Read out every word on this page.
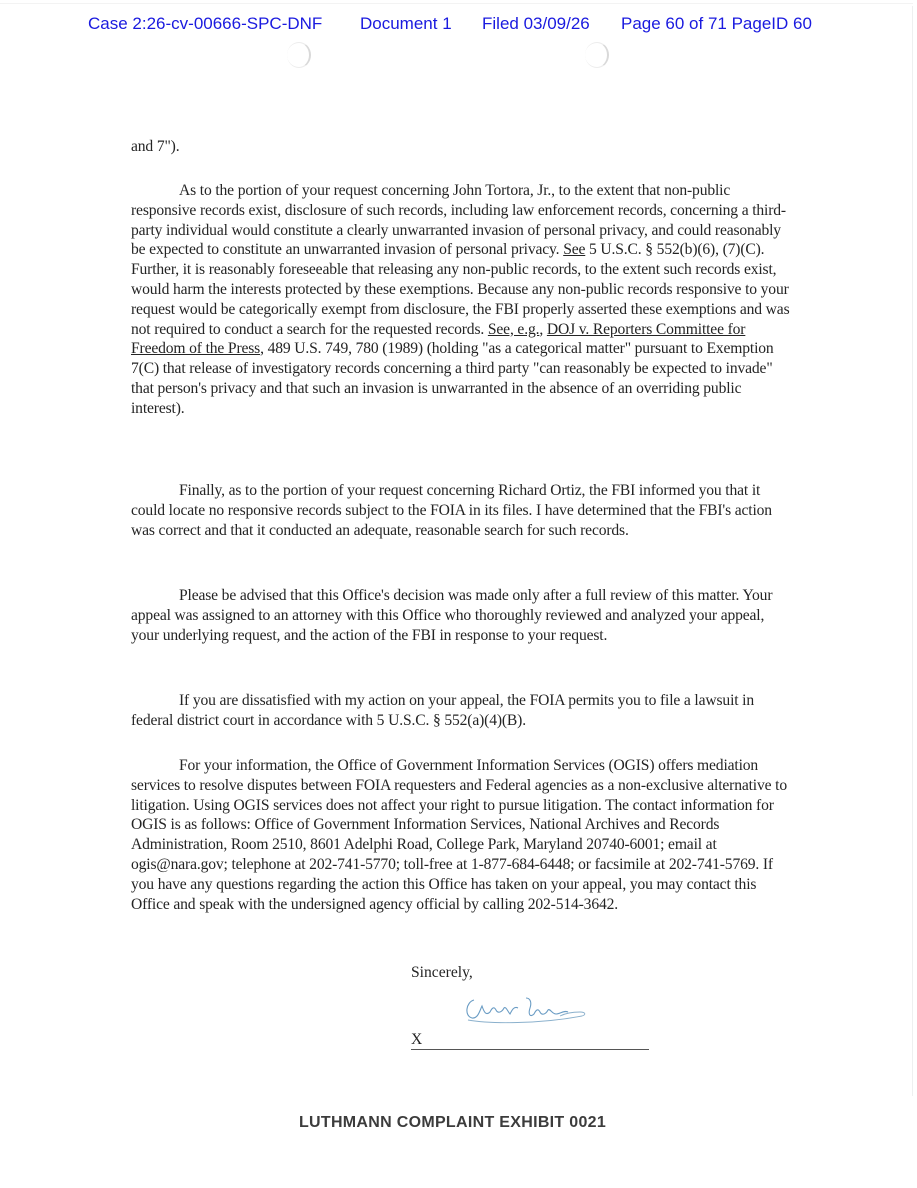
Case 2:26-cv-00666-SPC-DNF Document 1 Filed 03/09/26 Page 60 of 71 PageID 60
and 7").

As to the portion of your request concerning John Tortora, Jr., to the extent that non-public responsive records exist, disclosure of such records, including law enforcement records, concerning a third-party individual would constitute a clearly unwarranted invasion of personal privacy, and could reasonably be expected to constitute an unwarranted invasion of personal privacy. See 5 U.S.C. § 552(b)(6), (7)(C). Further, it is reasonably foreseeable that releasing any non-public records, to the extent such records exist, would harm the interests protected by these exemptions. Because any non-public records responsive to your request would be categorically exempt from disclosure, the FBI properly asserted these exemptions and was not required to conduct a search for the requested records. See, e.g., DOJ v. Reporters Committee for Freedom of the Press, 489 U.S. 749, 780 (1989) (holding "as a categorical matter" pursuant to Exemption 7(C) that release of investigatory records concerning a third party "can reasonably be expected to invade" that person's privacy and that such an invasion is unwarranted in the absence of an overriding public interest).

Finally, as to the portion of your request concerning Richard Ortiz, the FBI informed you that it could locate no responsive records subject to the FOIA in its files. I have determined that the FBI's action was correct and that it conducted an adequate, reasonable search for such records.

Please be advised that this Office's decision was made only after a full review of this matter. Your appeal was assigned to an attorney with this Office who thoroughly reviewed and analyzed your appeal, your underlying request, and the action of the FBI in response to your request.

If you are dissatisfied with my action on your appeal, the FOIA permits you to file a lawsuit in federal district court in accordance with 5 U.S.C. § 552(a)(4)(B).

For your information, the Office of Government Information Services (OGIS) offers mediation services to resolve disputes between FOIA requesters and Federal agencies as a non-exclusive alternative to litigation. Using OGIS services does not affect your right to pursue litigation. The contact information for OGIS is as follows: Office of Government Information Services, National Archives and Records Administration, Room 2510, 8601 Adelphi Road, College Park, Maryland 20740-6001; email at ogis@nara.gov; telephone at 202-741-5770; toll-free at 1-877-684-6448; or facsimile at 202-741-5769. If you have any questions regarding the action this Office has taken on your appeal, you may contact this Office and speak with the undersigned agency official by calling 202-514-3642.

Sincerely,
X
LUTHMANN COMPLAINT EXHIBIT 0021
